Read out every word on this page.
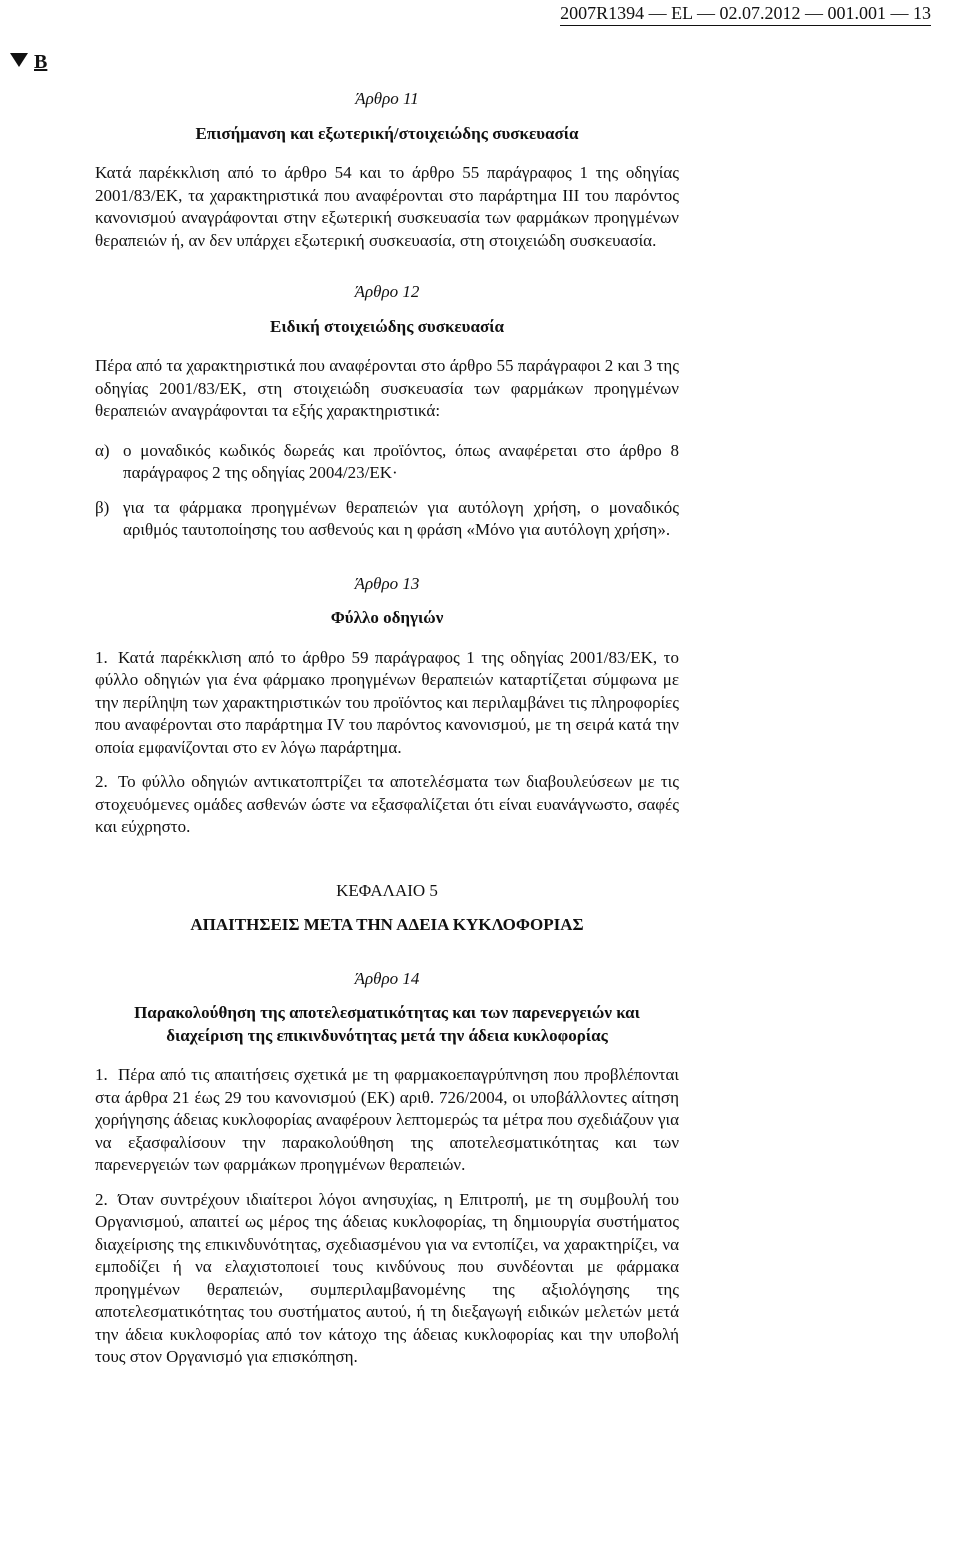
2007R1394 — EL — 02.07.2012 — 001.001 — 13
B

Άρθρο 11

Επισήμανση και εξωτερική/στοιχειώδης συσκευασία

Κατά παρέκκλιση από το άρθρο 54 και το άρθρο 55 παράγραφος 1 της οδηγίας 2001/83/ΕΚ, τα χαρακτηριστικά που αναφέρονται στο παράρτημα ΙΙΙ του παρόντος κανονισμού αναγράφονται στην εξωτερική συσκευασία των φαρμάκων προηγμένων θεραπειών ή, αν δεν υπάρχει εξωτερική συσκευασία, στη στοιχειώδη συσκευασία.

Άρθρο 12

Ειδική στοιχειώδης συσκευασία

Πέρα από τα χαρακτηριστικά που αναφέρονται στο άρθρο 55 παράγραφοι 2 και 3 της οδηγίας 2001/83/ΕΚ, στη στοιχειώδη συσκευασία των φαρμάκων προηγμένων θεραπειών αναγράφονται τα εξής χαρακτηριστικά:

α) ο μοναδικός κωδικός δωρεάς και προϊόντος, όπως αναφέρεται στο άρθρο 8 παράγραφος 2 της οδηγίας 2004/23/ΕΚ·
β) για τα φάρμακα προηγμένων θεραπειών για αυτόλογη χρήση, ο μοναδικός αριθμός ταυτοποίησης του ασθενούς και η φράση «Μόνο για αυτόλογη χρήση».

Άρθρο 13

Φύλλο οδηγιών

1. Κατά παρέκκλιση από το άρθρο 59 παράγραφος 1 της οδηγίας 2001/83/ΕΚ, το φύλλο οδηγιών για ένα φάρμακο προηγμένων θεραπειών καταρτίζεται σύμφωνα με την περίληψη των χαρακτηριστικών του προϊόντος και περιλαμβάνει τις πληροφορίες που αναφέρονται στο παράρτημα IV του παρόντος κανονισμού, με τη σειρά κατά την οποία εμφανίζονται στο εν λόγω παράρτημα.

2. Το φύλλο οδηγιών αντικατοπτρίζει τα αποτελέσματα των διαβουλεύσεων με τις στοχευόμενες ομάδες ασθενών ώστε να εξασφαλίζεται ότι είναι ευανάγνωστο, σαφές και εύχρηστο.

ΚΕΦΑΛΑΙΟ 5

ΑΠΑΙΤΗΣΕΙΣ ΜΕΤΑ ΤΗΝ ΑΔΕΙΑ ΚΥΚΛΟΦΟΡΙΑΣ

Άρθρο 14

Παρακολούθηση της αποτελεσματικότητας και των παρενεργειών και διαχείριση της επικινδυνότητας μετά την άδεια κυκλοφορίας

1. Πέρα από τις απαιτήσεις σχετικά με τη φαρμακοεπαγρύπνηση που προβλέπονται στα άρθρα 21 έως 29 του κανονισμού (ΕΚ) αριθ. 726/2004, οι υποβάλλοντες αίτηση χορήγησης άδειας κυκλοφορίας αναφέρουν λεπτομερώς τα μέτρα που σχεδιάζουν για να εξασφαλίσουν την παρακολούθηση της αποτελεσματικότητας και των παρενεργειών των φαρμάκων προηγμένων θεραπειών.

2. Όταν συντρέχουν ιδιαίτεροι λόγοι ανησυχίας, η Επιτροπή, με τη συμβουλή του Οργανισμού, απαιτεί ως μέρος της άδειας κυκλοφορίας, τη δημιουργία συστήματος διαχείρισης της επικινδυνότητας, σχεδιασμένου για να εντοπίζει, να χαρακτηρίζει, να εμποδίζει ή να ελαχιστοποιεί τους κινδύνους που συνδέονται με φάρμακα προηγμένων θεραπειών, συμπεριλαμβανομένης της αξιολόγησης της αποτελεσματικότητας του συστήματος αυτού, ή τη διεξαγωγή ειδικών μελετών μετά την άδεια κυκλοφορίας από τον κάτοχο της άδειας κυκλοφορίας και την υποβολή τους στον Οργανισμό για επισκόπηση.
